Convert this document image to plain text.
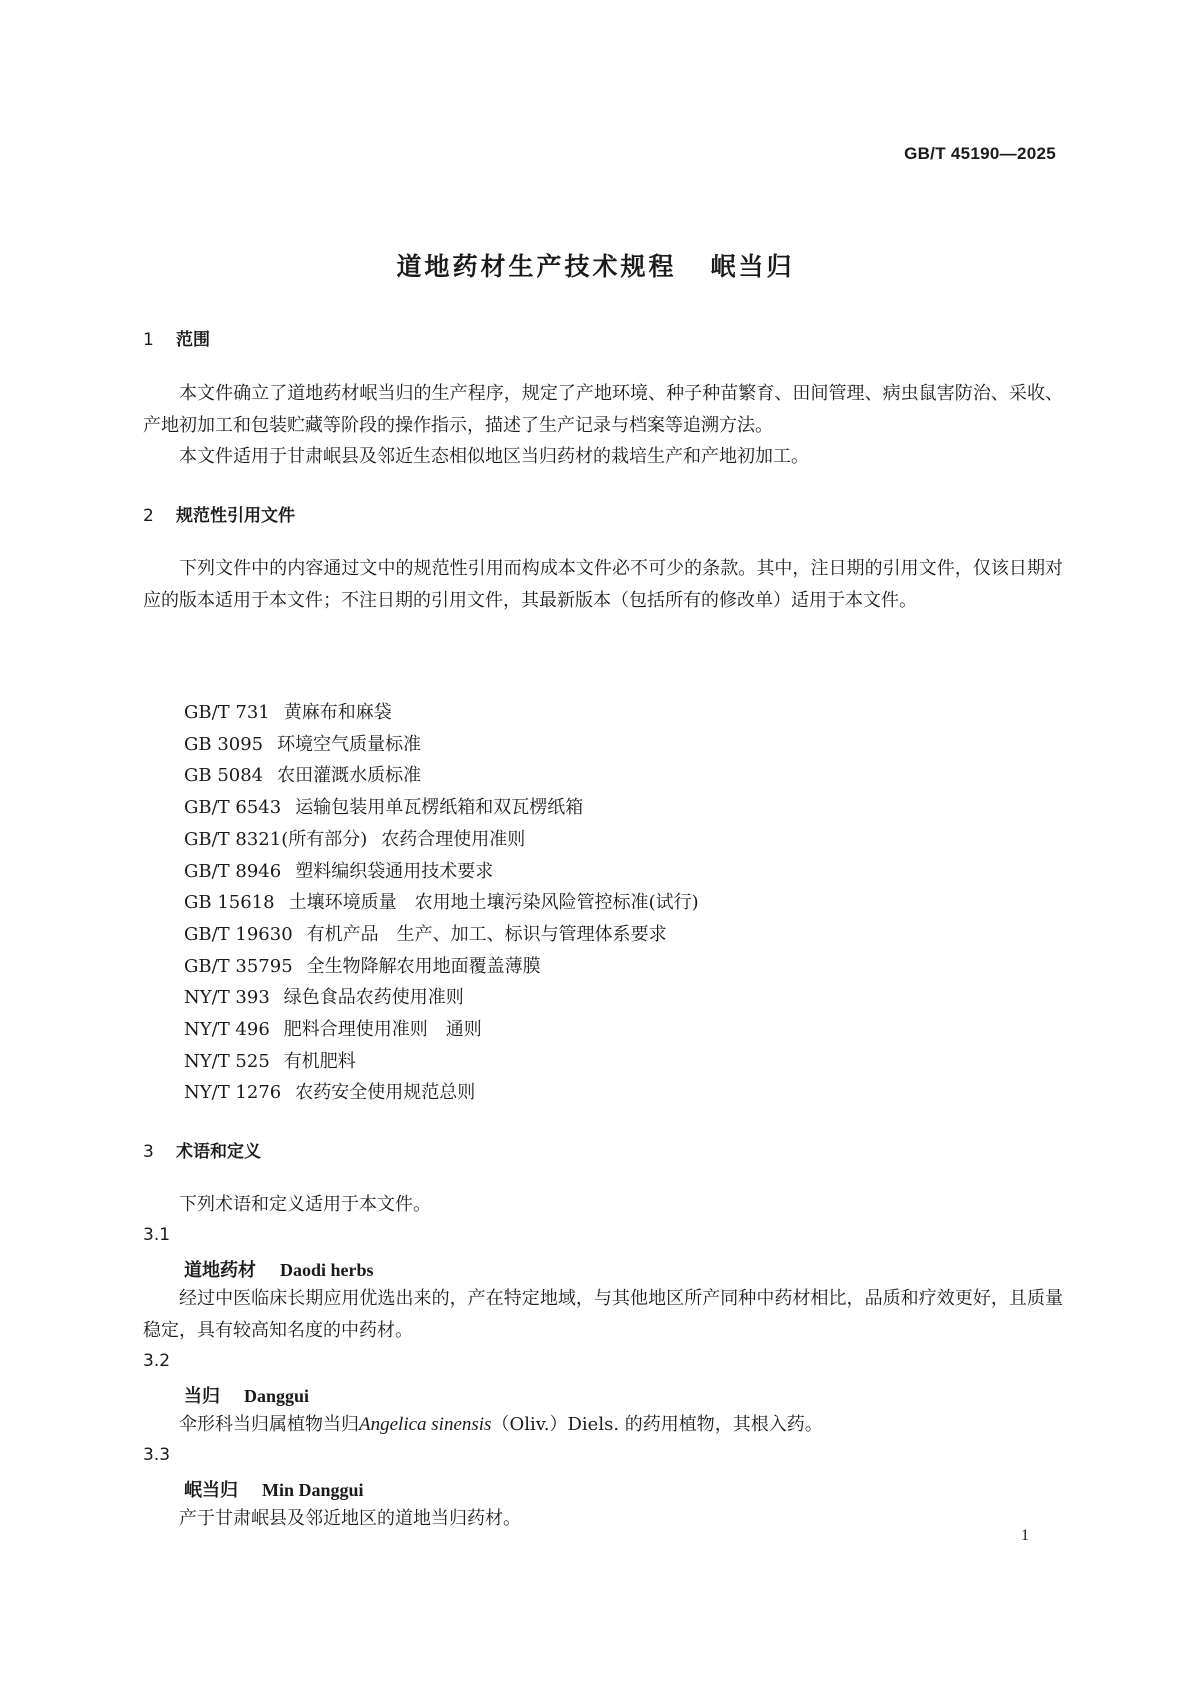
GB/T 45190—2025
道地药材生产技术规程 岷当归
1 范围

本文件确立了道地药材岷当归的生产程序，规定了产地环境、种子种苗繁育、田间管理、病虫鼠害防治、采收、产地初加工和包装贮藏等阶段的操作指示，描述了生产记录与档案等追溯方法。

本文件适用于甘肃岷县及邻近生态相似地区当归药材的栽培生产和产地初加工。

2 规范性引用文件

下列文件中的内容通过文中的规范性引用而构成本文件必不可少的条款。其中，注日期的引用文件，仅该日期对应的版本适用于本文件；不注日期的引用文件，其最新版本（包括所有的修改单）适用于本文件。

GB/T 731 黄麻布和麻袋
GB 3095 环境空气质量标准
GB 5084 农田灌溉水质标准
GB/T 6543 运输包装用单瓦楞纸箱和双瓦楞纸箱
GB/T 8321(所有部分) 农药合理使用准则
GB/T 8946 塑料编织袋通用技术要求
GB 15618 土壤环境质量　农用地土壤污染风险管控标准(试行)
GB/T 19630 有机产品　生产、加工、标识与管理体系要求
GB/T 35795 全生物降解农用地面覆盖薄膜
NY/T 393 绿色食品农药使用准则
NY/T 496 肥料合理使用准则　通则
NY/T 525 有机肥料
NY/T 1276 农药安全使用规范总则
3 术语和定义

下列术语和定义适用于本文件。

3.1
道地药材 Daodi herbs

经过中医临床长期应用优选出来的，产在特定地域，与其他地区所产同种中药材相比，品质和疗效更好，且质量稳定，具有较高知名度的中药材。

3.2
当归 Danggui

伞形科当归属植物当归Angelica sinensis（Oliv.）Diels. 的药用植物，其根入药。

3.3
岷当归 Min Danggui

产于甘肃岷县及邻近地区的道地当归药材。

1
